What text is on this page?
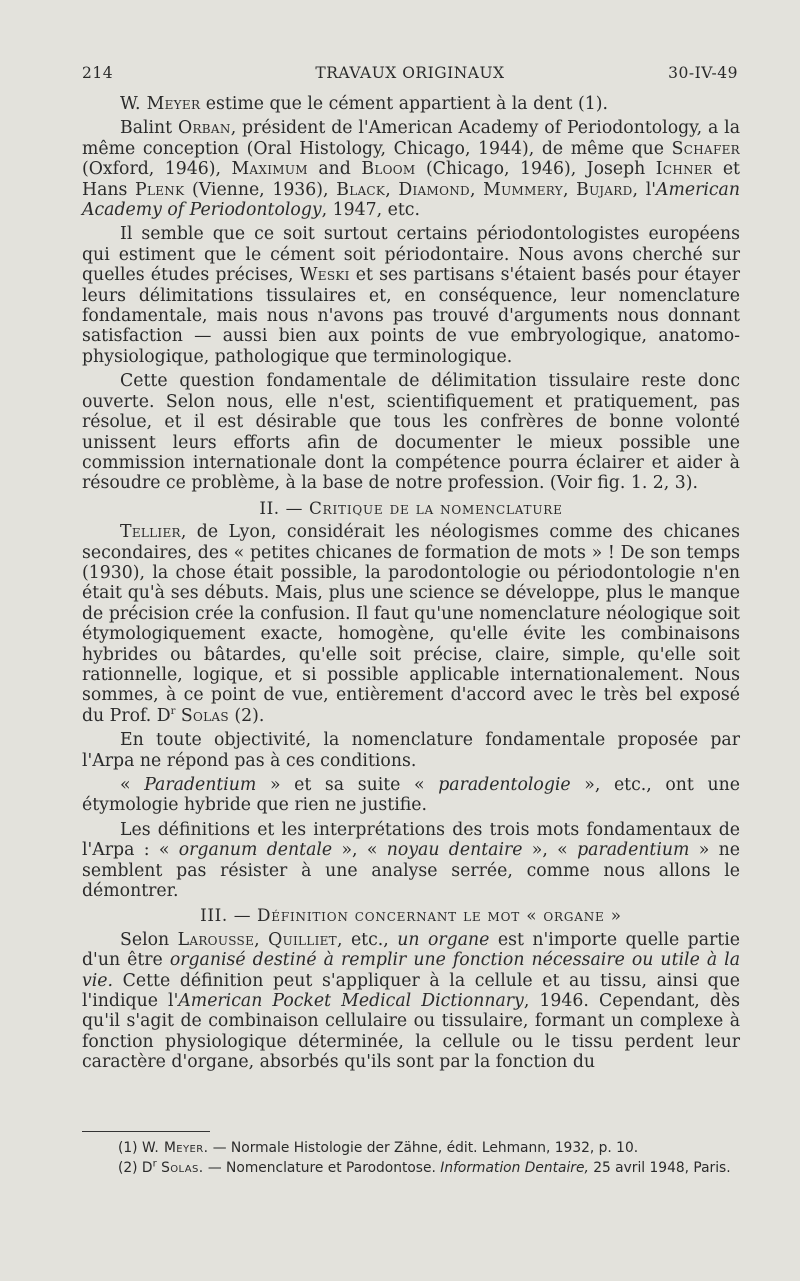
214	TRAVAUX ORIGINAUX	30-IV-49

W. Meyer estime que le cément appartient à la dent (1).

Balint Orban, président de l'American Academy of Periodontology, a la même conception (Oral Histology, Chicago, 1944), de même que Schafer (Oxford, 1946), Maximum and Bloom (Chicago, 1946), Joseph Ichner et Hans Plenk (Vienne, 1936), Black, Diamond, Mummery, Bujard, l'American Academy of Periodontology, 1947, etc.

Il semble que ce soit surtout certains périodontologistes européens qui estiment que le cément soit périodontaire. Nous avons cherché sur quelles études précises, Weski et ses partisans s'étaient basés pour étayer leurs délimitations tissulaires et, en conséquence, leur nomenclature fondamentale, mais nous n'avons pas trouvé d'arguments nous donnant satisfaction — aussi bien aux points de vue embryologique, anatomo-physiologique, pathologique que terminologique.

Cette question fondamentale de délimitation tissulaire reste donc ouverte. Selon nous, elle n'est, scientifiquement et pratiquement, pas résolue, et il est désirable que tous les confrères de bonne volonté unissent leurs efforts afin de documenter le mieux possible une commission internationale dont la compétence pourra éclairer et aider à résoudre ce problème, à la base de notre profession. (Voir fig. 1. 2, 3).

II. — Critique de la nomenclature

Tellier, de Lyon, considérait les néologismes comme des chicanes secondaires, des « petites chicanes de formation de mots » ! De son temps (1930), la chose était possible, la parodontologie ou périodontologie n'en était qu'à ses débuts. Mais, plus une science se développe, plus le manque de précision crée la confusion. Il faut qu'une nomenclature néologique soit étymologiquement exacte, homogène, qu'elle évite les combinaisons hybrides ou bâtardes, qu'elle soit précise, claire, simple, qu'elle soit rationnelle, logique, et si possible applicable internationalement. Nous sommes, à ce point de vue, entièrement d'accord avec le très bel exposé du Prof. $D^r$ Solas (2).

En toute objectivité, la nomenclature fondamentale proposée par l'Arpa ne répond pas à ces conditions.

« Paradentium » et sa suite « paradentologie », etc., ont une étymologie hybride que rien ne justifie.

Les définitions et les interprétations des trois mots fondamentaux de l'Arpa : « organum dentale », « noyau dentaire », « paradentium » ne semblent pas résister à une analyse serrée, comme nous allons le démontrer.

III. — Définition concernant le mot « organe »

Selon Larousse, Quilliet, etc., un organe est n'importe quelle partie d'un être organisé destiné à remplir une fonction nécessaire ou utile à la vie. Cette définition peut s'appliquer à la cellule et au tissu, ainsi que l'indique l'American Pocket Medical Dictionnary, 1946. Cependant, dès qu'il s'agit de combinaison cellulaire ou tissulaire, formant un complexe à fonction physiologique déterminée, la cellule ou le tissu perdent leur caractère d'organe, absorbés qu'ils sont par la fonction du

(1) W. Meyer. — Normale Histologie der Zähne, édit. Lehmann, 1932, p. 10.

(2) $D^r$ Solas. — Nomenclature et Parodontose. Information Dentaire, 25 avril 1948, Paris.
